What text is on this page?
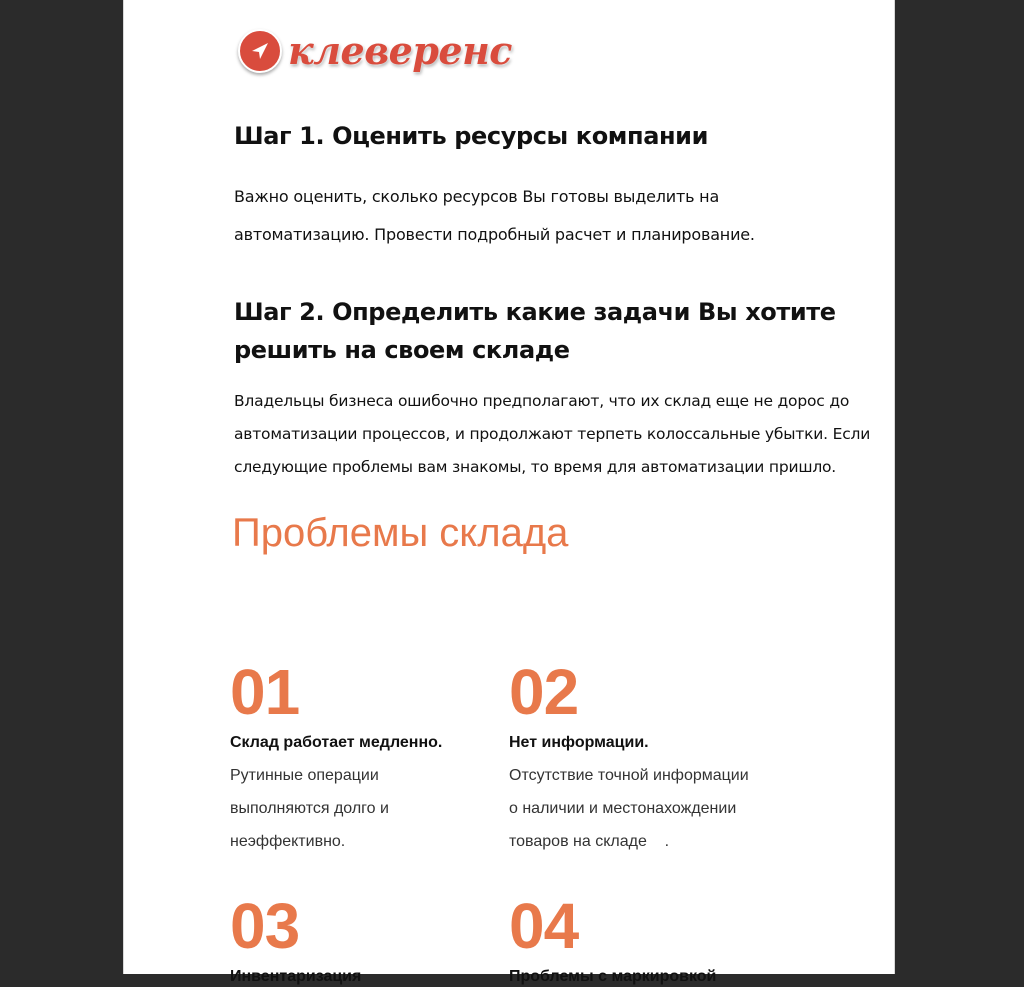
клеверенс
Шаг 1. Оценить ресурсы компании

Важно оценить, сколько ресурсов Вы готовы выделить на
автоматизацию. Провести подробный расчет и планирование.

Шаг 2. Определить какие задачи Вы хотите
решить на своем складе

Владельцы бизнеса ошибочно предполагают, что их склад еще не дорос до
автоматизации процессов, и продолжают терпеть колоссальные убытки. Если
следующие проблемы вам знакомы, то время для автоматизации пришло.

Проблемы склада
01
Склад работает медленно.
Рутинные операции
выполняются долго и
неэффективно.
02
Нет информации.
Отсутствие точной информации
о наличии и местонахождении
товаров на складе    .
03
Инвентаризация
04
Проблемы с маркировкой
